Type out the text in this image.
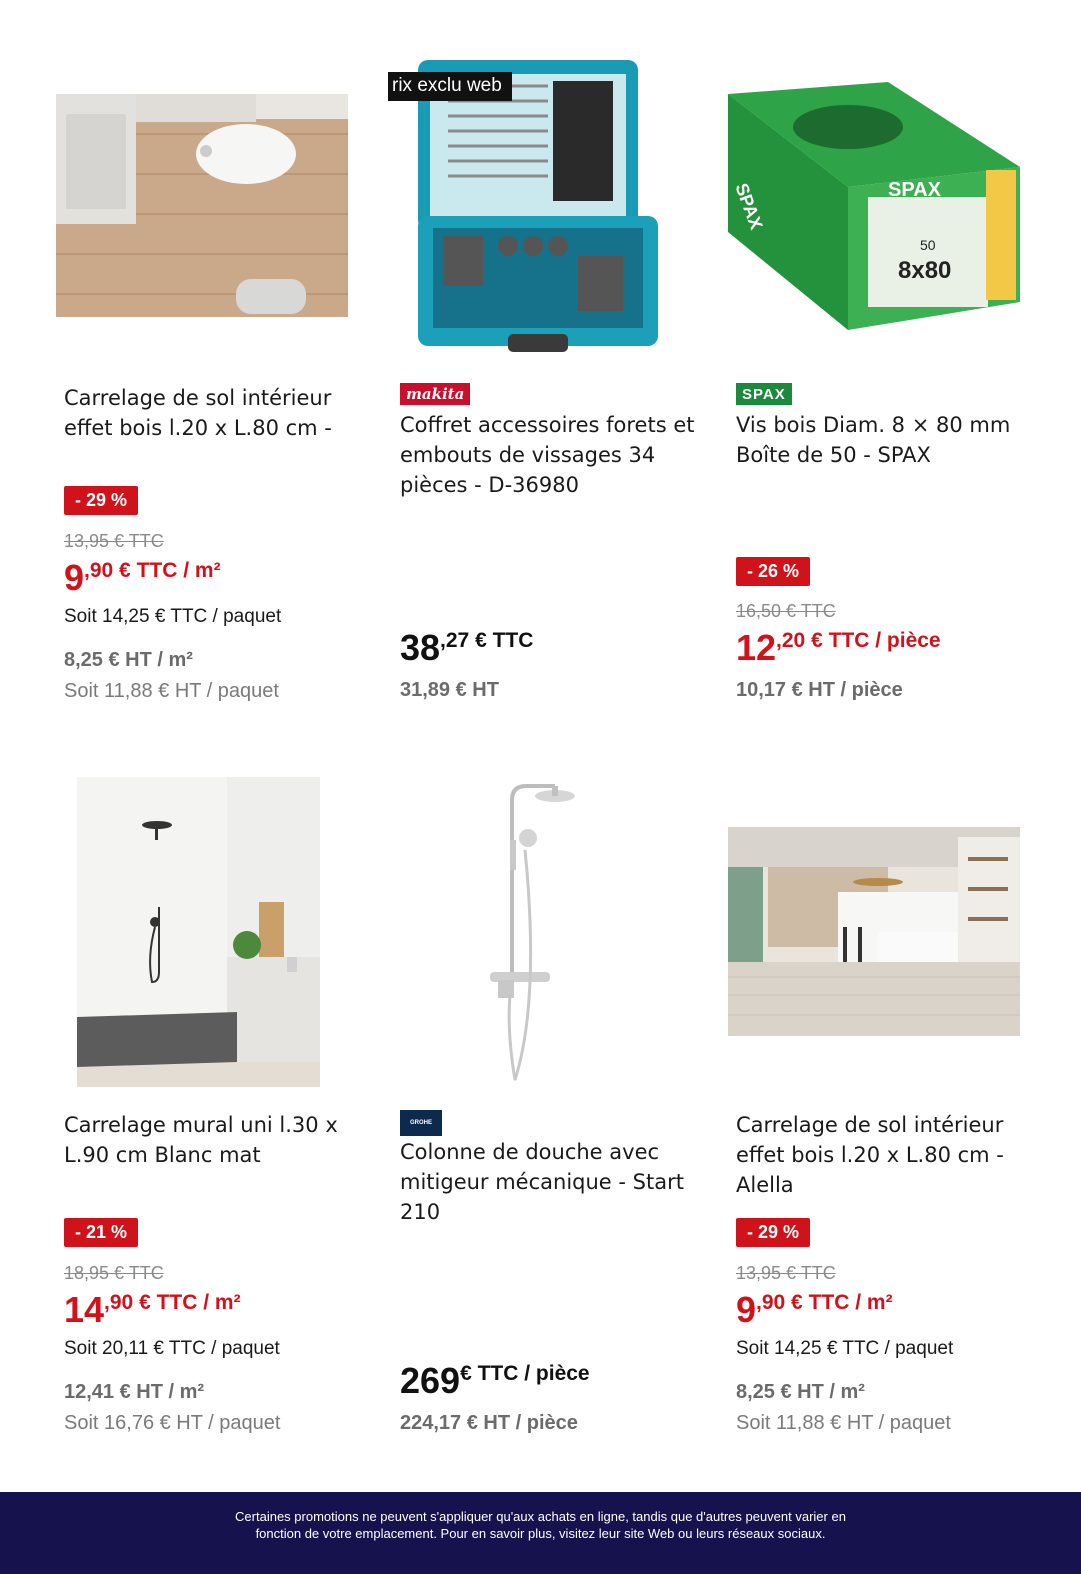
Carrelage de sol intérieur effet bois l.20 x L.80 cm -
- 29 %
13,95 € TTC
9 ,90 € TTC / m²
Soit 14,25 € TTC / paquet
8,25 € HT / m²
Soit 11,88 € HT / paquet
rix exclu web
makita
Coffret accessoires forets et embouts de vissages 34 pièces - D-36980
38 ,27 € TTC
31,89 € HT
SPAX
50
8x80
SPAX
SPAX
Vis bois Diam. 8 × 80 mm Boîte de 50 - SPAX
- 26 %
16,50 € TTC
12 ,20 € TTC / pièce
10,17 € HT / pièce
Carrelage mural uni l.30 x L.90 cm Blanc mat
- 21 %
18,95 € TTC
14 ,90 € TTC / m²
Soit 20,11 € TTC / paquet
12,41 € HT / m²
Soit 16,76 € HT / paquet
GROHE
Colonne de douche avec mitigeur mécanique - Start 210
269 € TTC / pièce
224,17 € HT / pièce
Carrelage de sol intérieur effet bois l.20 x L.80 cm - Alella
- 29 %
13,95 € TTC
9 ,90 € TTC / m²
Soit 14,25 € TTC / paquet
8,25 € HT / m²
Soit 11,88 € HT / paquet
Certaines promotions ne peuvent s'appliquer qu'aux achats en ligne, tandis que d'autres peuvent varier en
fonction de votre emplacement. Pour en savoir plus, visitez leur site Web ou leurs réseaux sociaux.
